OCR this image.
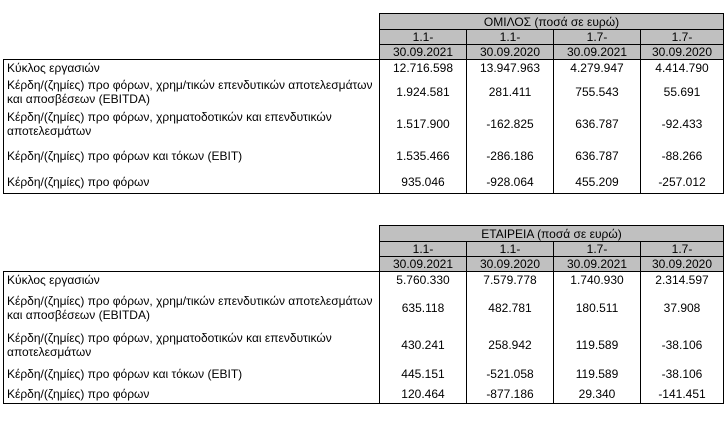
	ΟΜΙΛΟΣ (ποσά σε ευρώ)			
	1.1-	1.1-	1.7-	1.7-
	30.09.2021	30.09.2020	30.09.2021	30.09.2020
Κύκλος εργασιών	12.716.598	13.947.963	4.279.947	4.414.790
Κέρδη/(ζημίες) προ φόρων, χρημ/τικών επενδυτικών αποτελεσμάτων και αποσβέσεων (EBITDA)	1.924.581	281.411	755.543	55.691
Κέρδη/(ζημίες) προ φόρων, χρηματοδοτικών και επενδυτικών αποτελεσμάτων	1.517.900	-162.825	636.787	-92.433
Κέρδη/(ζημίες) προ φόρων και τόκων (EBIT)	1.535.466	-286.186	636.787	-88.266
Κέρδη/(ζημίες) προ φόρων	935.046	-928.064	455.209	-257.012
	ΕΤΑΙΡΕΙΑ (ποσά σε ευρώ)			
	1.1-	1.1-	1.7-	1.7-
	30.09.2021	30.09.2020	30.09.2021	30.09.2020
Κύκλος εργασιών	5.760.330	7.579.778	1.740.930	2.314.597
Κέρδη/(ζημίες) προ φόρων, χρημ/τικών επενδυτικών αποτελεσμάτων και αποσβέσεων (EBITDA)	635.118	482.781	180.511	37.908
Κέρδη/(ζημίες) προ φόρων, χρηματοδοτικών και επενδυτικών αποτελεσμάτων	430.241	258.942	119.589	-38.106
Κέρδη/(ζημίες) προ φόρων και τόκων (EBIT)	445.151	-521.058	119.589	-38.106
Κέρδη/(ζημίες) προ φόρων	120.464	-877.186	29.340	-141.451
